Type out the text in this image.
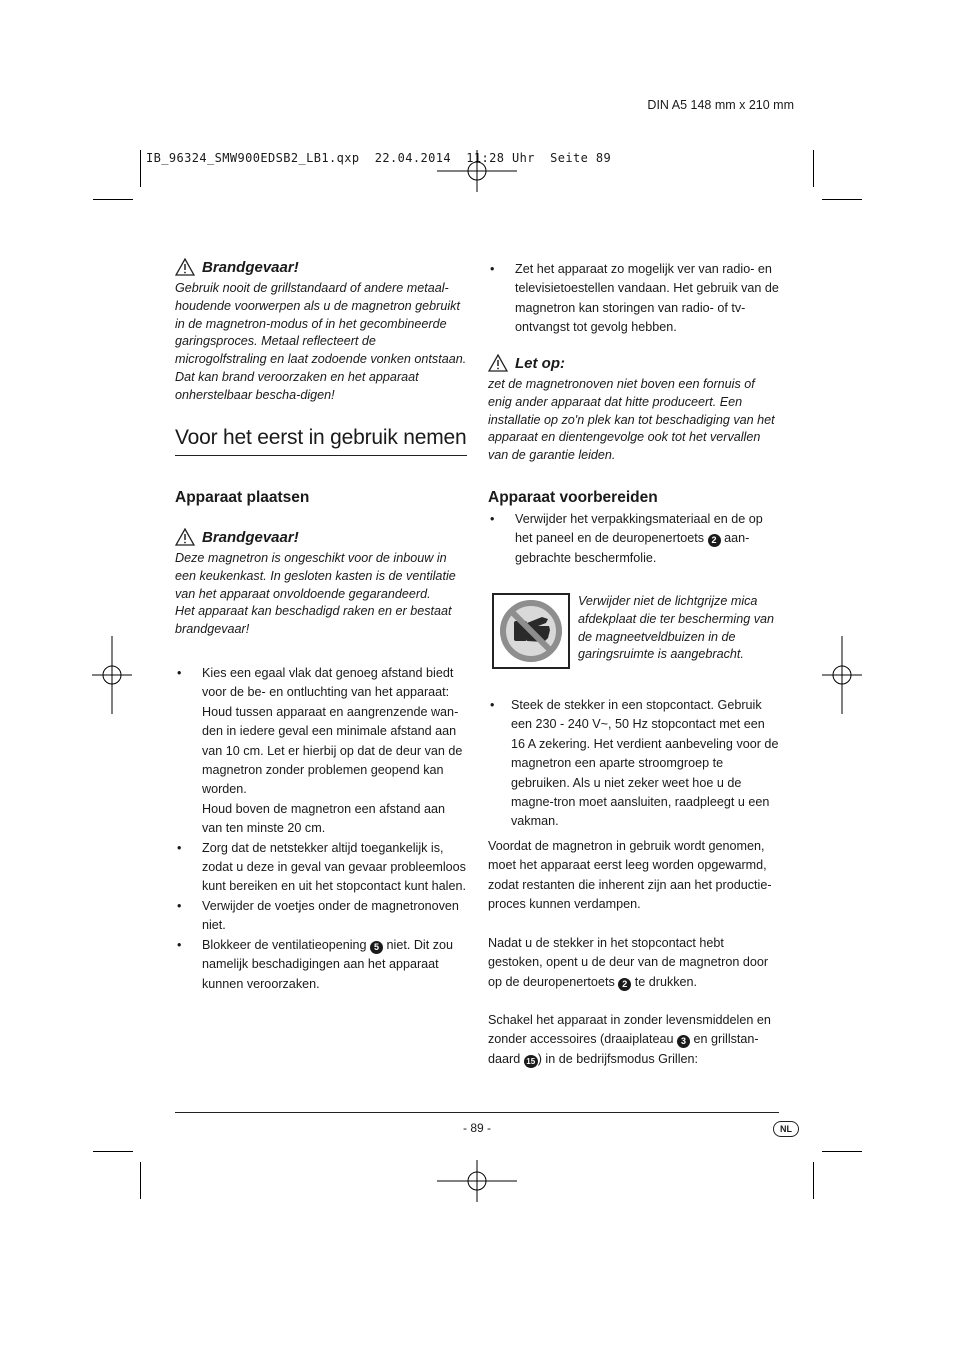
DIN A5 148 mm x 210 mm
IB_96324_SMW900EDSB2_LB1.qxp  22.04.2014  11:28 Uhr  Seite 89
Brandgevaar!
Gebruik nooit de grillstandaard of andere metaal-houdende voorwerpen als u de magnetron gebruikt in de magnetron-modus of in het gecombineerde garingsproces. Metaal reflecteert de microgolfstraling en laat zodoende vonken ontstaan. Dat kan brand veroorzaken en het apparaat onherstelbaar bescha-digen!
Voor het eerst in gebruik nemen
Apparaat plaatsen
Brandgevaar!

Deze magnetron is ongeschikt voor de inbouw in een keukenkast. In gesloten kasten is de ventilatie van het apparaat onvoldoende gegarandeerd.

Het apparaat kan beschadigd raken en er bestaat brandgevaar!

• Kies een egaal vlak dat genoeg afstand biedt voor de be- en ontluchting van het apparaat: Houd tussen apparaat en aangrenzende wan-den in iedere geval een minimale afstand aan van 10 cm. Let er hierbij op dat de deur van de magnetron zonder problemen geopend kan worden.

Houd boven de magnetron een afstand aan van ten minste 20 cm.

• Zorg dat de netstekker altijd toegankelijk is, zodat u deze in geval van gevaar probleemloos kunt bereiken en uit het stopcontact kunt halen.
• Verwijder de voetjes onder de magnetronoven niet.
• Blokkeer de ventilatieopening 5 niet. Dit zou namelijk beschadigingen aan het apparaat kunnen veroorzaken.
• Zet het apparaat zo mogelijk ver van radio- en televisietoestellen vandaan. Het gebruik van de magnetron kan storingen van radio- of tv-ontvangst tot gevolg hebben.
Let op:
zet de magnetronoven niet boven een fornuis of enig ander apparaat dat hitte produceert. Een installatie op zo'n plek kan tot beschadiging van het apparaat en dientengevolge ook tot het vervallen van de garantie leiden.
Apparaat voorbereiden
• Verwijder het verpakkingsmateriaal en de op het paneel en de deuropenertoets 2 aan-gebrachte beschermfolie.
Verwijder niet de lichtgrijze mica afdekplaat die ter bescherming van de magneetveldbuizen in de garingsruimte is aangebracht.
• Steek de stekker in een stopcontact. Gebruik een 230 - 240 V~, 50 Hz stopcontact met een 16 A zekering. Het verdient aanbeveling voor de magnetron een aparte stroomgroep te gebruiken. Als u niet zeker weet hoe u de magne-tron moet aansluiten, raadpleegt u een vakman.

Voordat de magnetron in gebruik wordt genomen, moet het apparaat eerst leeg worden opgewarmd, zodat restanten die inherent zijn aan het productie-proces kunnen verdampen.

Nadat u de stekker in het stopcontact hebt gestoken, opent u de deur van de magnetron door op de deuropenertoets 2 te drukken.

Schakel het apparaat in zonder levensmiddelen en zonder accessoires (draaiplateau 3 en grillstan-daard 15 ) in de bedrijfsmodus Grillen:

- 89 -	NL
